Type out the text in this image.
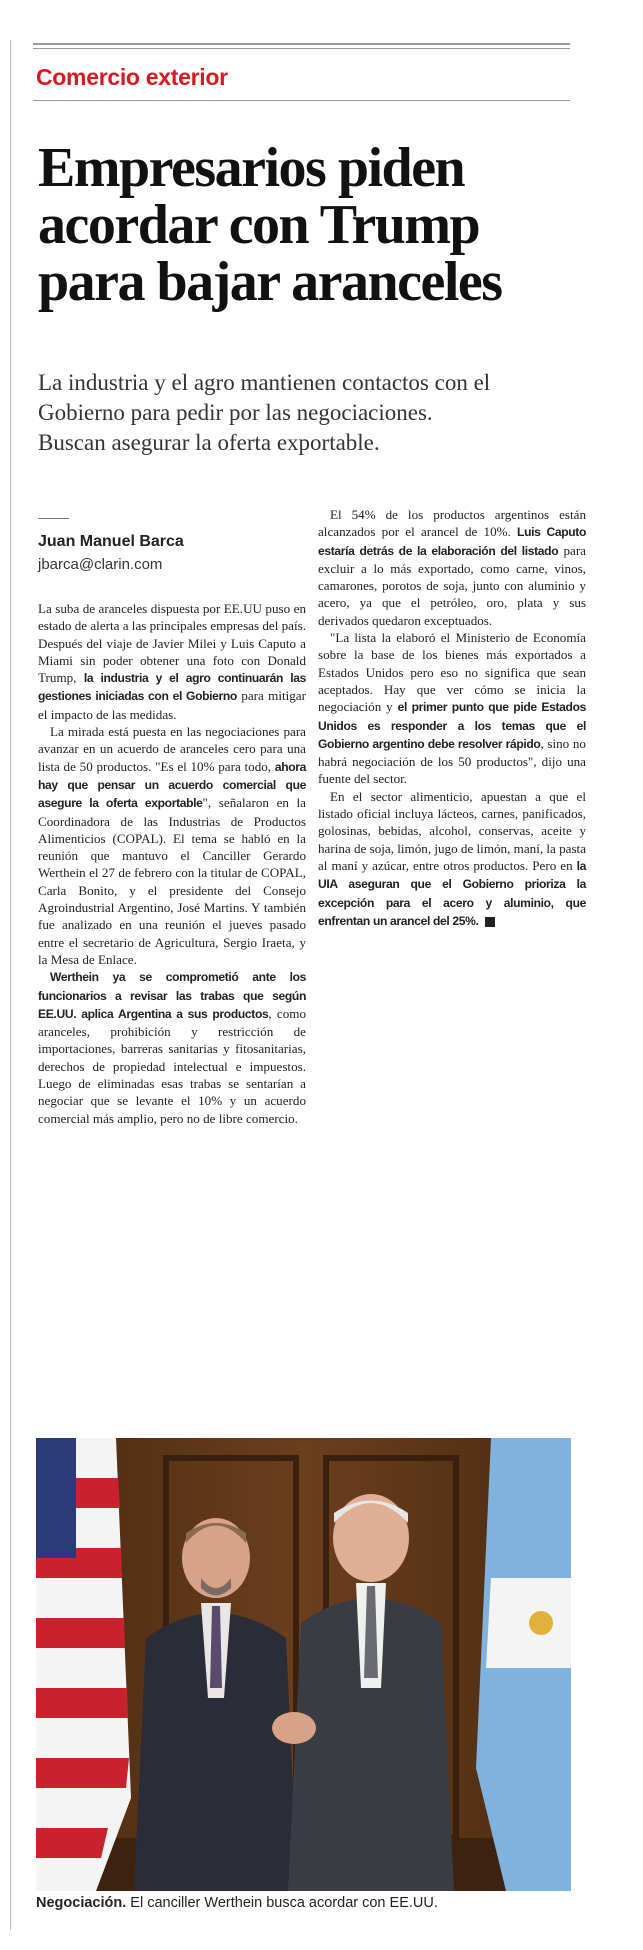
Comercio exterior
Empresarios piden
acordar con Trump
para bajar aranceles
La industria y el agro mantienen contactos con el
Gobierno para pedir por las negociaciones.
Buscan asegurar la oferta exportable.
Juan Manuel Barca
jbarca@clarin.com

La suba de aranceles dispuesta por EE.UU puso en estado de alerta a las principales empresas del país. Después del viaje de Javier Milei y Luis Caputo a Miami sin poder obtener una foto con Donald Trump, la industria y el agro continuarán las gestiones iniciadas con el Gobierno para mitigar el impacto de las medidas.

La mirada está puesta en las negociaciones para avanzar en un acuerdo de aranceles cero para una lista de 50 productos. "Es el 10% para todo, ahora hay que pensar un acuerdo comercial que asegure la oferta exportable", señalaron en la Coordinadora de las Industrias de Productos Alimenticios (COPAL). El tema se habló en la reunión que mantuvo el Canciller Gerardo Werthein el 27 de febrero con la titular de COPAL, Carla Bonito, y el presidente del Consejo Agroindustrial Argentino, José Martins. Y también fue analizado en una reunión el jueves pasado entre el secretario de Agricultura, Sergio Iraeta, y la Mesa de Enlace.

Werthein ya se comprometió ante los funcionarios a revisar las trabas que según EE.UU. aplica Argentina a sus productos, como aranceles, prohibición y restricción de importaciones, barreras sanitarias y fitosanitarias, derechos de propiedad intelectual e impuestos. Luego de eliminadas esas trabas se sentarían a negociar que se levante el 10% y un acuerdo comercial más amplio, pero no de libre comercio.

El 54% de los productos argentinos están alcanzados por el arancel de 10%. Luis Caputo estaría detrás de la elaboración del listado para excluir a lo más exportado, como carne, vinos, camarones, porotos de soja, junto con aluminio y acero, ya que el petróleo, oro, plata y sus derivados quedaron exceptuados.

"La lista la elaboró el Ministerio de Economía sobre la base de los bienes más exportados a Estados Unidos pero eso no significa que sean aceptados. Hay que ver cómo se inicia la negociación y el primer punto que pide Estados Unidos es responder a los temas que el Gobierno argentino debe resolver rápido, sino no habrá negociación de los 50 productos", dijo una fuente del sector.

En el sector alimenticio, apuestan a que el listado oficial incluya lácteos, carnes, panificados, golosinas, bebidas, alcohol, conservas, aceite y harina de soja, limón, jugo de limón, maní, la pasta al maní y azúcar, entre otros productos. Pero en la UIA aseguran que el Gobierno prioriza la excepción para el acero y aluminio, que enfrentan un arancel del 25%.

Negociación. El canciller Werthein busca acordar con EE.UU.
